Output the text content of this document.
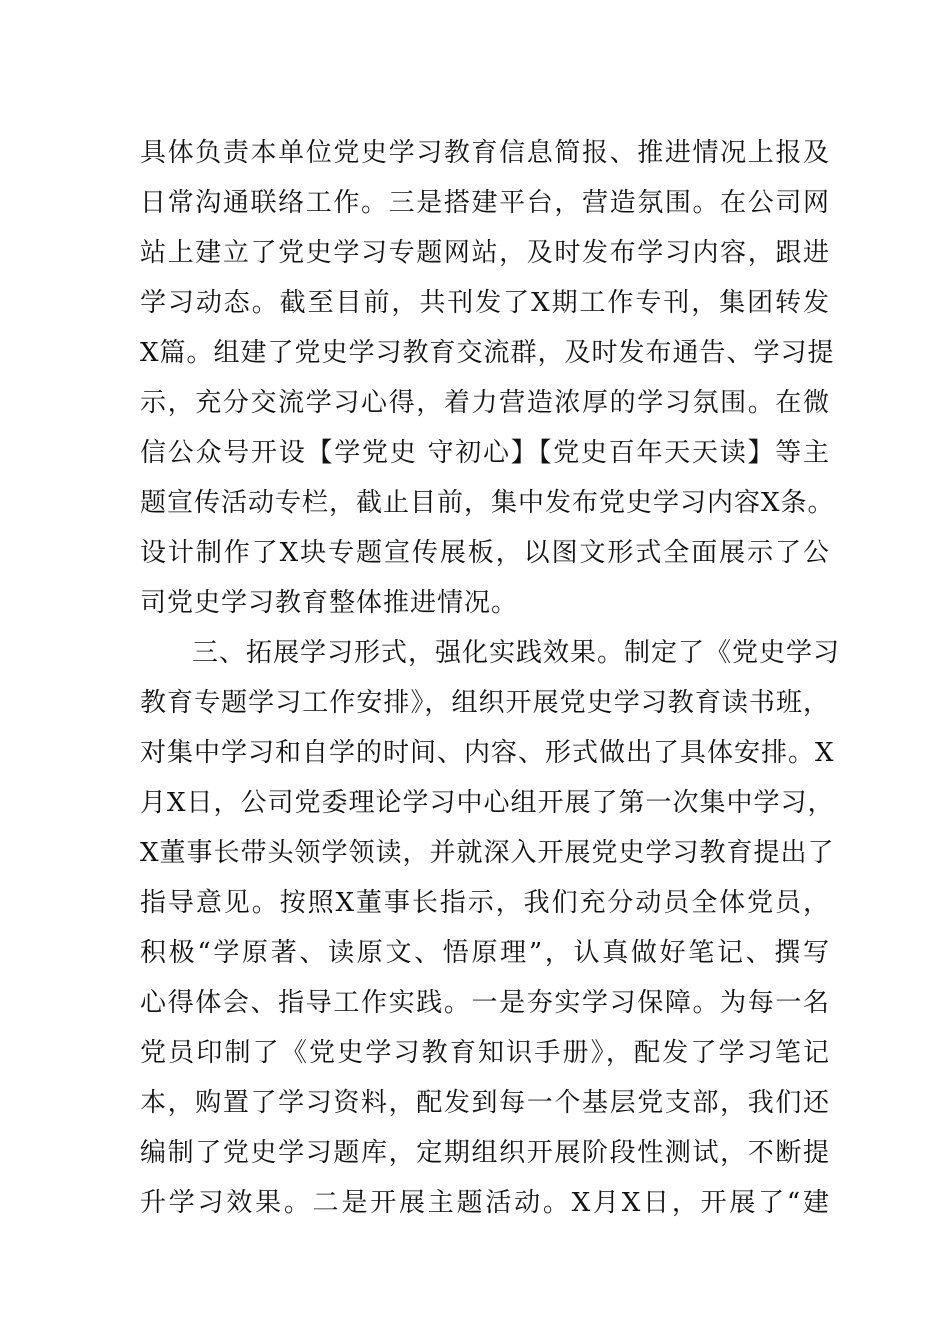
具体负责本单位党史学习教育信息简报、推进情况上报及
日常沟通联络工作。三是搭建平台，营造氛围。在公司网
站上建立了党史学习专题网站，及时发布学习内容，跟进
学习动态。截至目前，共刊发了X期工作专刊，集团转发
X篇。组建了党史学习教育交流群，及时发布通告、学习提
示，充分交流学习心得，着力营造浓厚的学习氛围。在微
信公众号开设【学党史 守初心】【党史百年天天读】等主
题宣传活动专栏，截止目前，集中发布党史学习内容X条。
设计制作了X块专题宣传展板，以图文形式全面展示了公
司党史学习教育整体推进情况。
三、拓展学习形式，强化实践效果。制定了《党史学习
教育专题学习工作安排》，组织开展党史学习教育读书班，
对集中学习和自学的时间、内容、形式做出了具体安排。X
月X日，公司党委理论学习中心组开展了第一次集中学习，
X董事长带头领学领读，并就深入开展党史学习教育提出了
指导意见。按照X董事长指示，我们充分动员全体党员，
积极“学原著、读原文、悟原理”，认真做好笔记、撰写
心得体会、指导工作实践。一是夯实学习保障。为每一名
党员印制了《党史学习教育知识手册》，配发了学习笔记
本，购置了学习资料，配发到每一个基层党支部，我们还
编制了党史学习题库，定期组织开展阶段性测试，不断提
升学习效果。二是开展主题活动。X月X日，开展了“建
